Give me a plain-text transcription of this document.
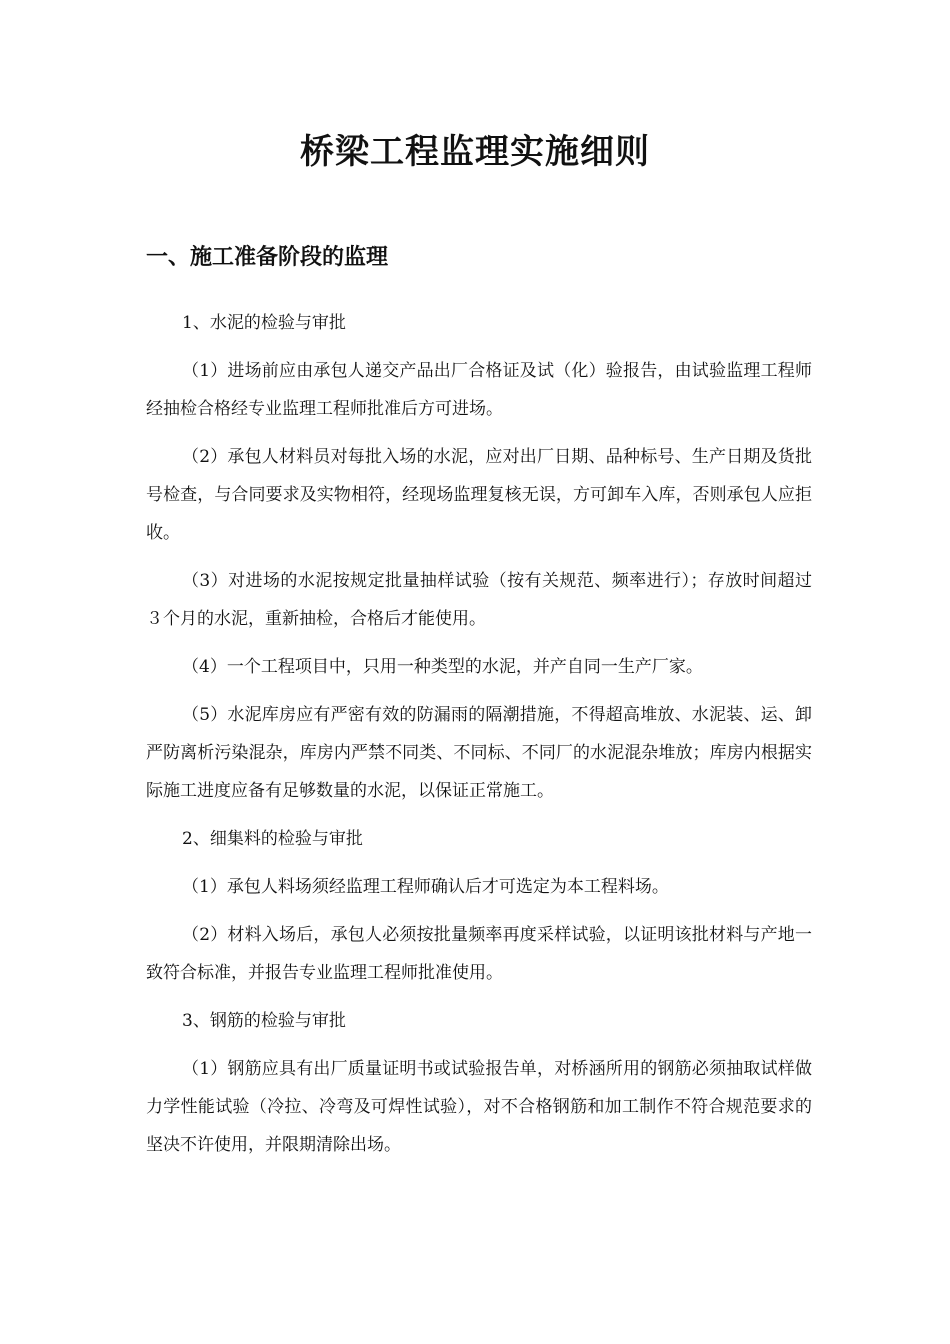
桥梁工程监理实施细则
一、施工准备阶段的监理

1、水泥的检验与审批

（1）进场前应由承包人递交产品出厂合格证及试（化）验报告，由试验监理工程师经抽检合格经专业监理工程师批准后方可进场。

（2）承包人材料员对每批入场的水泥，应对出厂日期、品种标号、生产日期及货批号检查，与合同要求及实物相符，经现场监理复核无误，方可卸车入库，否则承包人应拒收。

（3）对进场的水泥按规定批量抽样试验（按有关规范、频率进行）；存放时间超过３个月的水泥，重新抽检，合格后才能使用。

（4）一个工程项目中，只用一种类型的水泥，并产自同一生产厂家。

（5）水泥库房应有严密有效的防漏雨的隔潮措施，不得超高堆放、水泥装、运、卸严防离析污染混杂，库房内严禁不同类、不同标、不同厂的水泥混杂堆放；库房内根据实际施工进度应备有足够数量的水泥，以保证正常施工。

2、细集料的检验与审批

（1）承包人料场须经监理工程师确认后才可选定为本工程料场。

（2）材料入场后，承包人必须按批量频率再度采样试验，以证明该批材料与产地一致符合标准，并报告专业监理工程师批准使用。

3、钢筋的检验与审批

（1）钢筋应具有出厂质量证明书或试验报告单，对桥涵所用的钢筋必须抽取试样做力学性能试验（冷拉、冷弯及可焊性试验），对不合格钢筋和加工制作不符合规范要求的坚决不许使用，并限期清除出场。
